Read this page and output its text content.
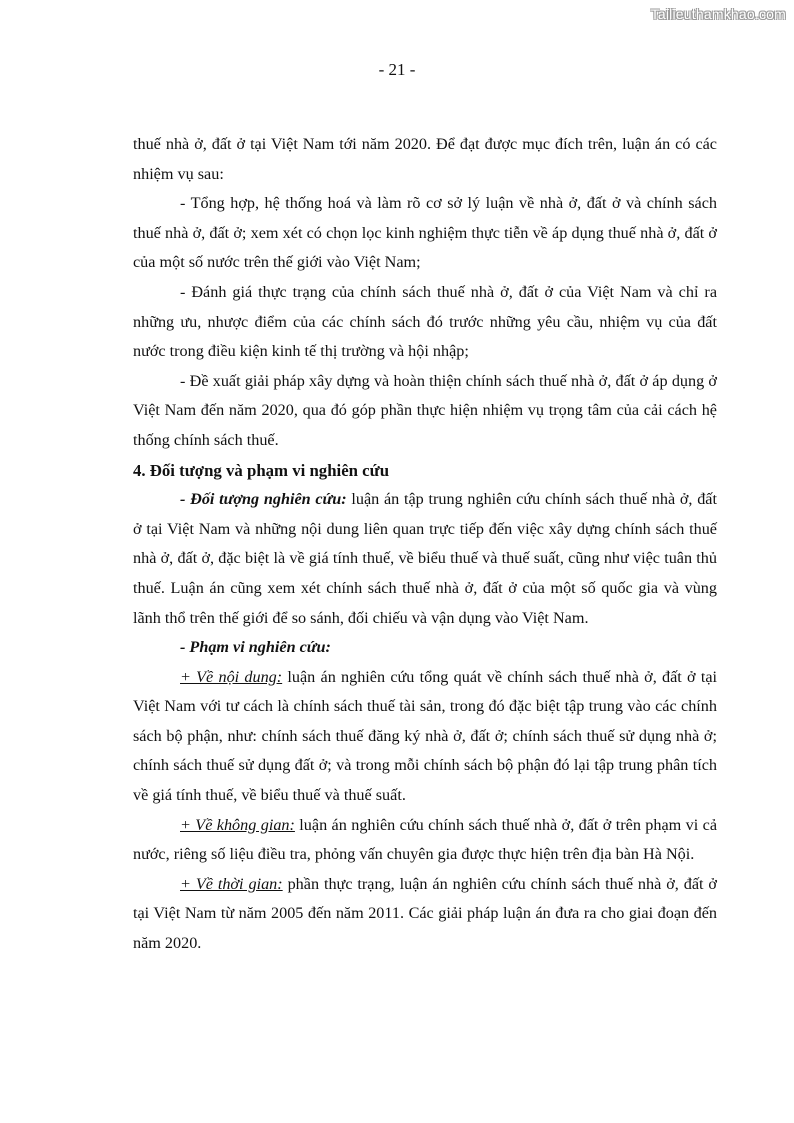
Tailieuthamkhao.com
- 21 -

thuế nhà ở, đất ở tại Việt Nam tới năm 2020. Để đạt được mục đích trên, luận án có các nhiệm vụ sau:

- Tổng hợp, hệ thống hoá và làm rõ cơ sở lý luận về nhà ở, đất ở và chính sách thuế nhà ở, đất ở; xem xét có chọn lọc kinh nghiệm thực tiễn về áp dụng thuế nhà ở, đất ở của một số nước trên thế giới vào Việt Nam;

- Đánh giá thực trạng của chính sách thuế nhà ở, đất ở của Việt Nam và chỉ ra những ưu, nhược điểm của các chính sách đó trước những yêu cầu, nhiệm vụ của đất nước trong điều kiện kinh tế thị trường và hội nhập;

- Đề xuất giải pháp xây dựng và hoàn thiện chính sách thuế nhà ở, đất ở áp dụng ở Việt Nam đến năm 2020, qua đó góp phần thực hiện nhiệm vụ trọng tâm của cải cách hệ thống chính sách thuế.

4. Đối tượng và phạm vi nghiên cứu

- Đối tượng nghiên cứu: luận án tập trung nghiên cứu chính sách thuế nhà ở, đất ở tại Việt Nam và những nội dung liên quan trực tiếp đến việc xây dựng chính sách thuế nhà ở, đất ở, đặc biệt là về giá tính thuế, về biểu thuế và thuế suất, cũng như việc tuân thủ thuế. Luận án cũng xem xét chính sách thuế nhà ở, đất ở của một số quốc gia và vùng lãnh thổ trên thế giới để so sánh, đối chiếu và vận dụng vào Việt Nam.

- Phạm vi nghiên cứu:

+ Về nội dung: luận án nghiên cứu tổng quát về chính sách thuế nhà ở, đất ở tại Việt Nam với tư cách là chính sách thuế tài sản, trong đó đặc biệt tập trung vào các chính sách bộ phận, như: chính sách thuế đăng ký nhà ở, đất ở; chính sách thuế sử dụng nhà ở; chính sách thuế sử dụng đất ở; và trong mỗi chính sách bộ phận đó lại tập trung phân tích về giá tính thuế, về biểu thuế và thuế suất.

+ Về không gian: luận án nghiên cứu chính sách thuế nhà ở, đất ở trên phạm vi cả nước, riêng số liệu điều tra, phỏng vấn chuyên gia được thực hiện trên địa bàn Hà Nội.

+ Về thời gian: phần thực trạng, luận án nghiên cứu chính sách thuế nhà ở, đất ở tại Việt Nam từ năm 2005 đến năm 2011. Các giải pháp luận án đưa ra cho giai đoạn đến năm 2020.
